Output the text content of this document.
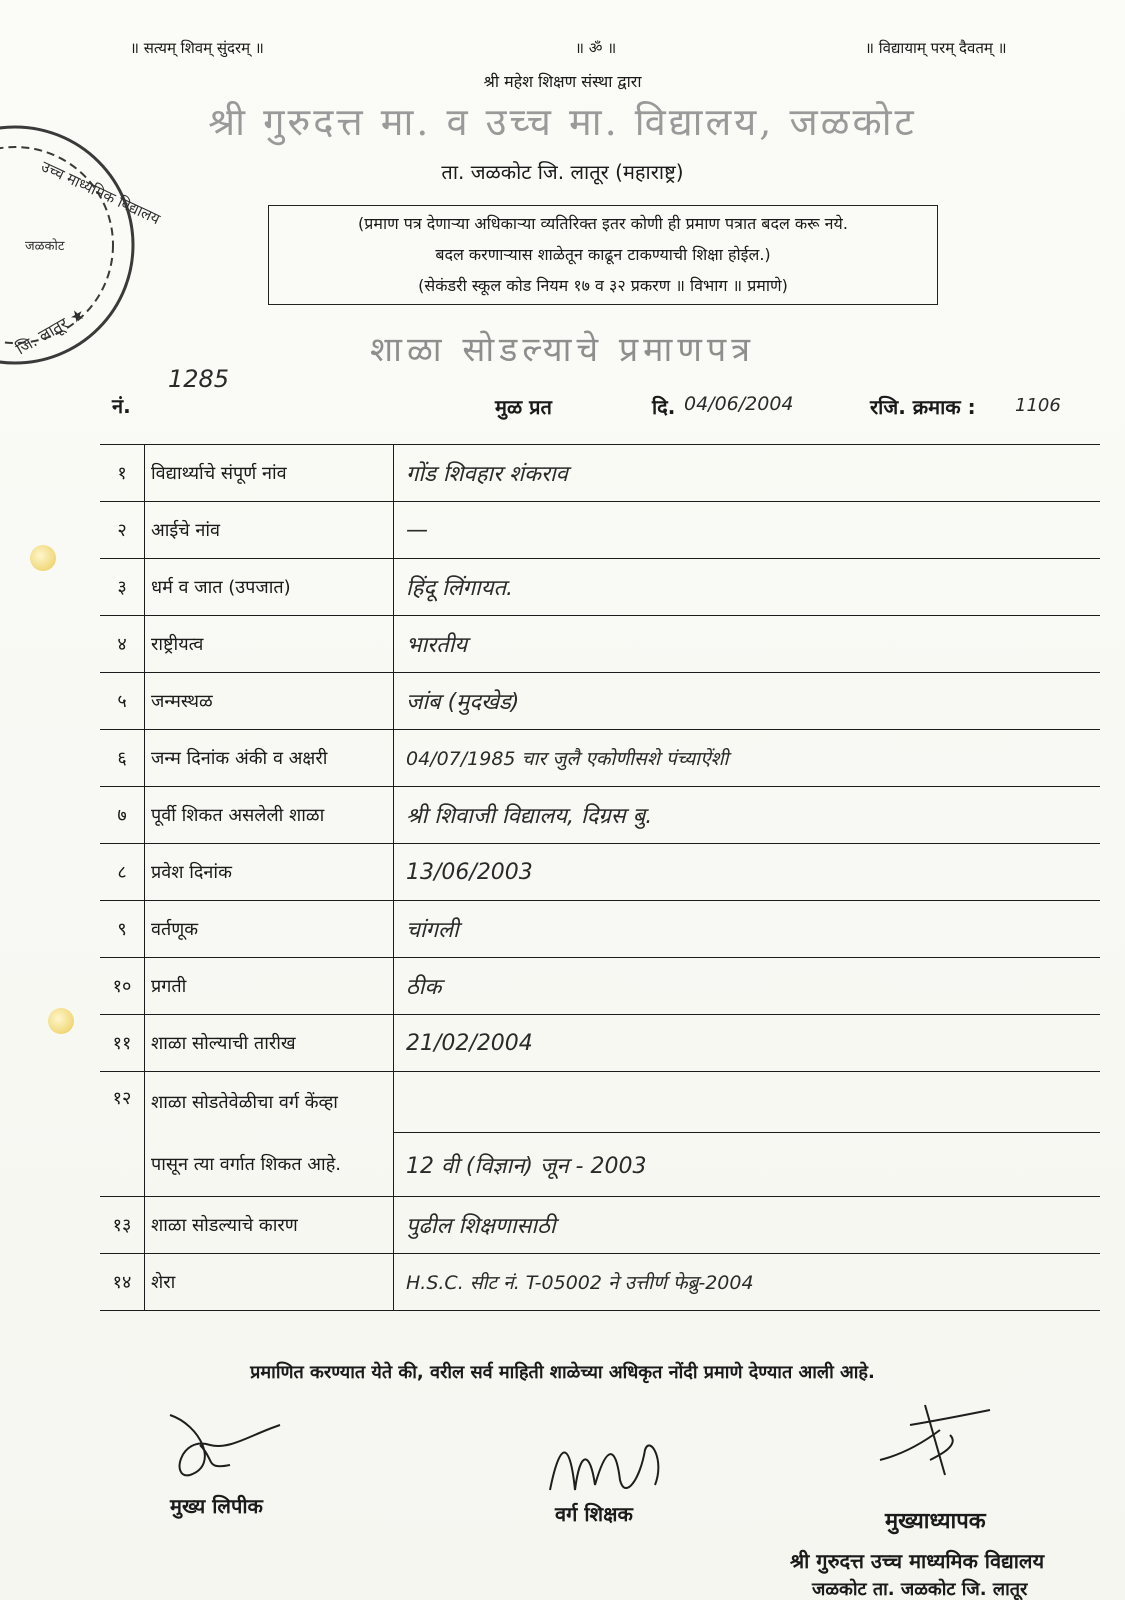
॥ सत्यम् शिवम् सुंदरम् ॥	॥ ॐ ॥	॥ विद्यायाम् परम् दैवतम् ॥
श्री महेश शिक्षण संस्था द्वारा
श्री गुरुदत्त मा. व उच्च मा. विद्यालय, जळकोट
ता. जळकोट जि. लातूर (महाराष्ट्र)
उच्च माध्यमिक विद्यालय
जि. लातूर ★
जळकोट
(प्रमाण पत्र देणाऱ्या अधिकाऱ्या व्यतिरिक्त इतर कोणी ही प्रमाण पत्रात बदल करू नये.
बदल करणाऱ्यास शाळेतून काढून टाकण्याची शिक्षा होईल.)
(सेकंडरी स्कूल कोड नियम १७ व ३२ प्रकरण ॥ विभाग ॥ प्रमाणे)
शाळा सोडल्याचे प्रमाणपत्र
नं.
1285
मुळ प्रत	दि. 04/06/2004	रजि. क्रमाक : 1106
१	विद्यार्थ्याचे संपूर्ण नांव	गोंड शिवहार शंकराव
२	आईचे नांव	—
३	धर्म व जात (उपजात)	हिंदू लिंगायत.
४	राष्ट्रीयत्व	भारतीय
५	जन्मस्थळ	जांब (मुदखेड)
६	जन्म दिनांक अंकी व अक्षरी	04/07/1985 चार जुलै एकोणीसशे पंच्याऐंशी
७	पूर्वी शिकत असलेली शाळा	श्री शिवाजी विद्यालय, दिग्रस बु.
८	प्रवेश दिनांक	13/06/2003
९	वर्तणूक	चांगली
१०	प्रगती	ठीक
११	शाळा सोल्याची तारीख	21/02/2004
१२	शाळा सोडतेवेळीचा वर्ग केंव्हा	
	पासून त्या वर्गात शिकत आहे.	12 वी (विज्ञान) जून - 2003
१३	शाळा सोडल्याचे कारण	पुढील शिक्षणासाठी
१४	शेरा	H.S.C. सीट नं. T-05002 ने उत्तीर्ण फेब्रु-2004
प्रमाणित करण्यात येते की, वरील सर्व माहिती शाळेच्या अधिकृत नोंदी प्रमाणे देण्यात आली आहे.
मुख्य लिपीक	वर्ग शिक्षक	मुख्याध्यापक
श्री गुरुदत्त उच्च माध्यमिक विद्यालय
जळकोट ता. जळकोट जि. लातूर
